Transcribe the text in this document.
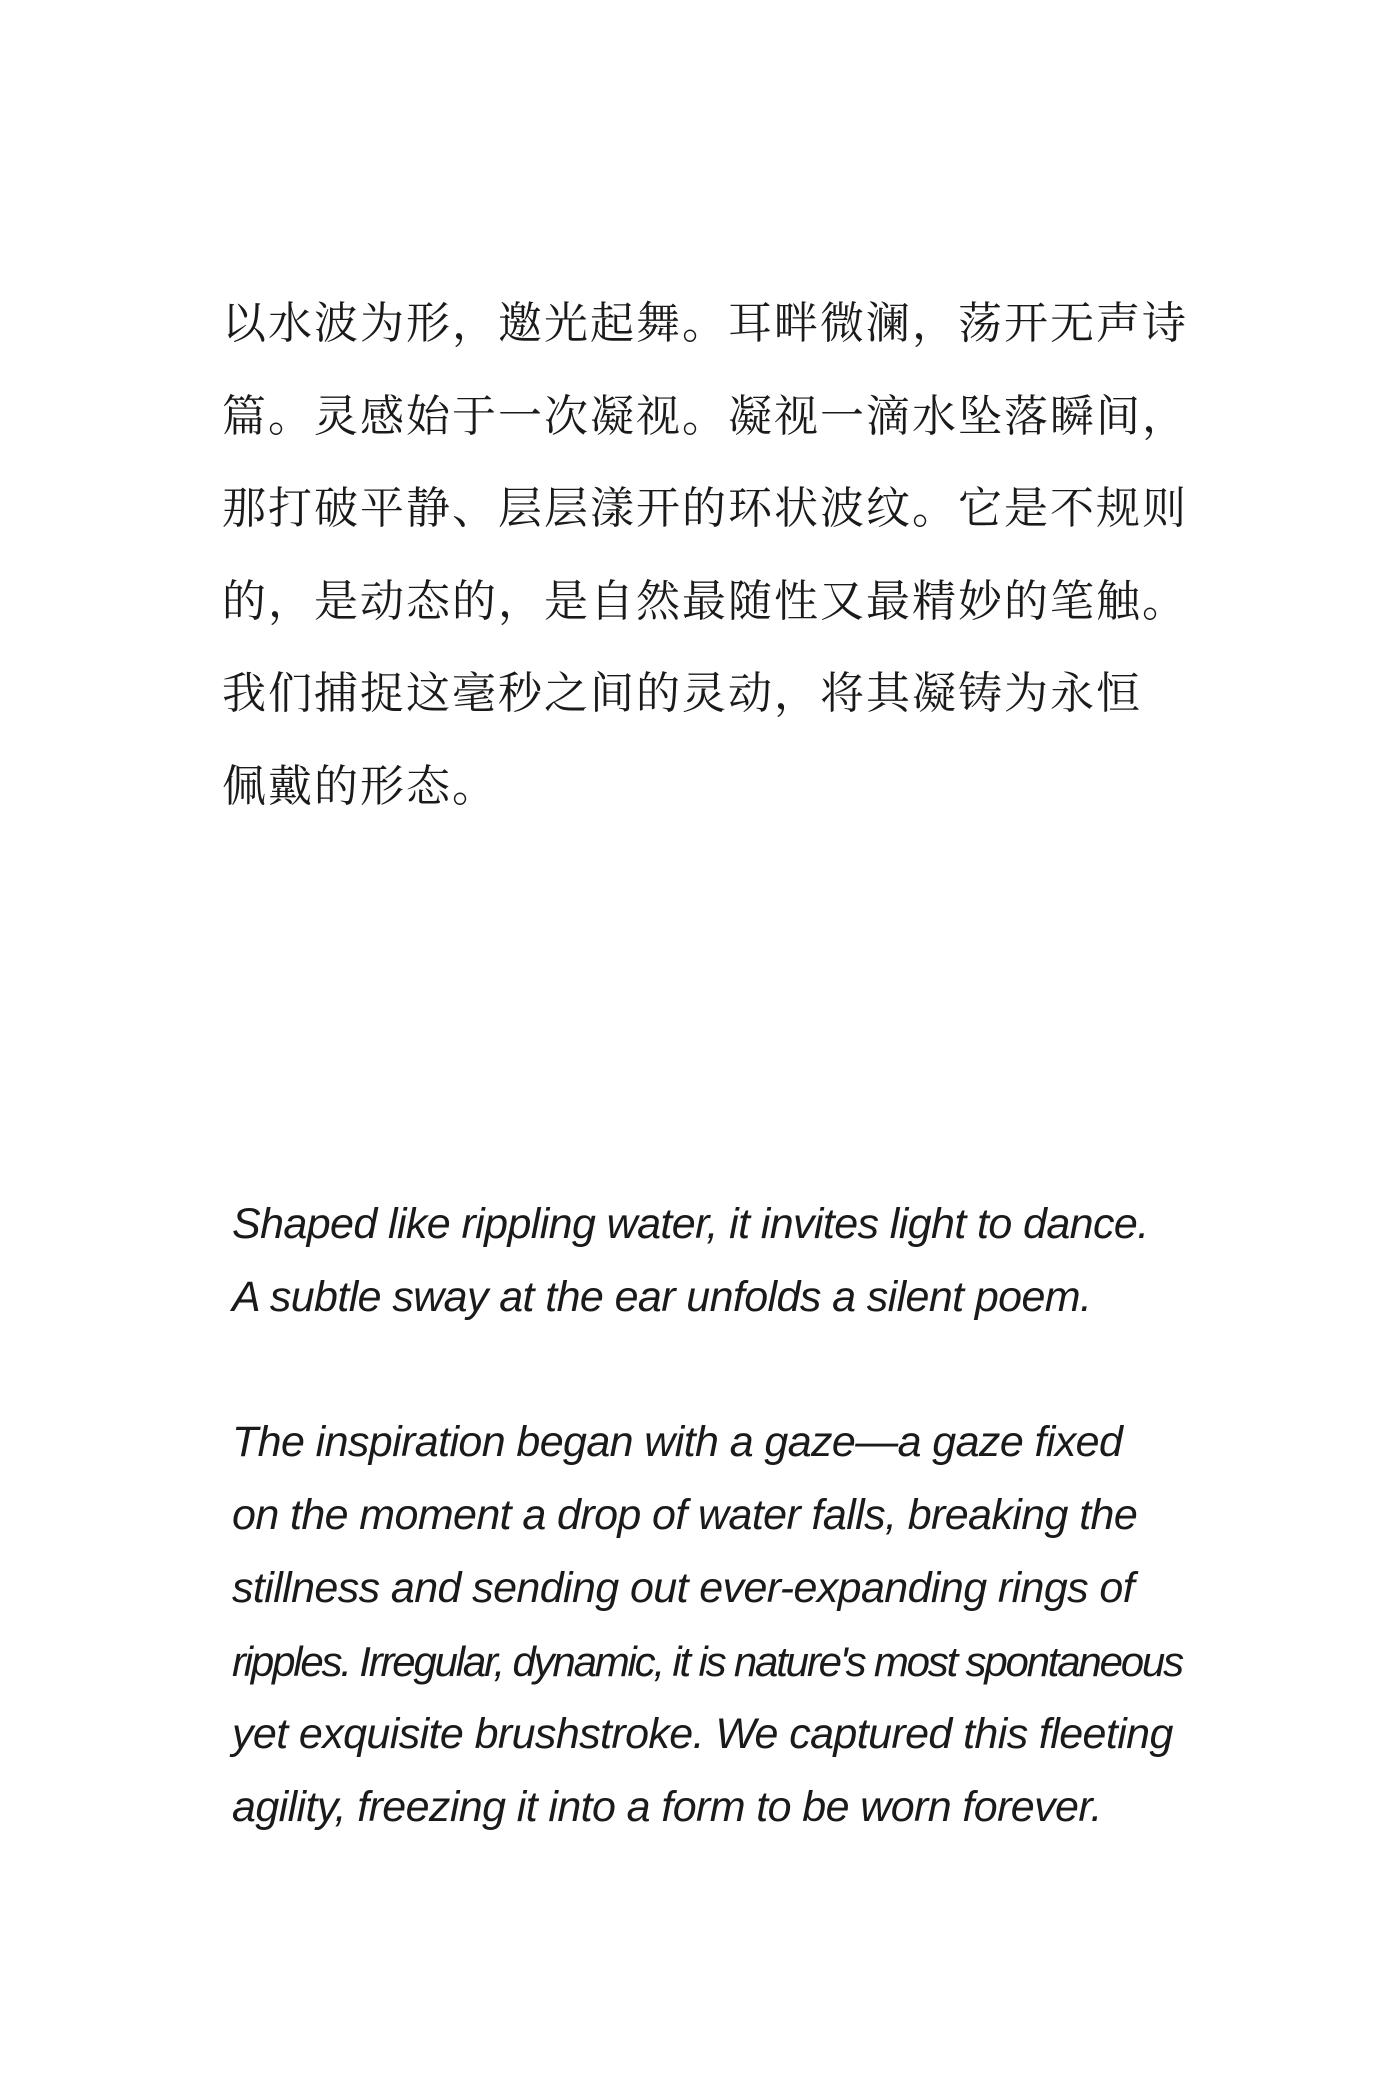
以水波为形，邀光起舞。耳畔微澜，荡开无声诗
篇。灵感始于一次凝视。凝视一滴水坠落瞬间，
那打破平静、层层漾开的环状波纹。它是不规则
的，是动态的，是自然最随性又最精妙的笔触。
我们捕捉这毫秒之间的灵动，将其凝铸为永恒
佩戴的形态。
Shaped like rippling water, it invites light to dance.
A subtle sway at the ear unfolds a silent poem.
The inspiration began with a gaze—a gaze fixed
on the moment a drop of water falls, breaking the
stillness and sending out ever-expanding rings of
ripples. Irregular, dynamic, it is nature's most spontaneous
yet exquisite brushstroke. We captured this fleeting
agility, freezing it into a form to be worn forever.
